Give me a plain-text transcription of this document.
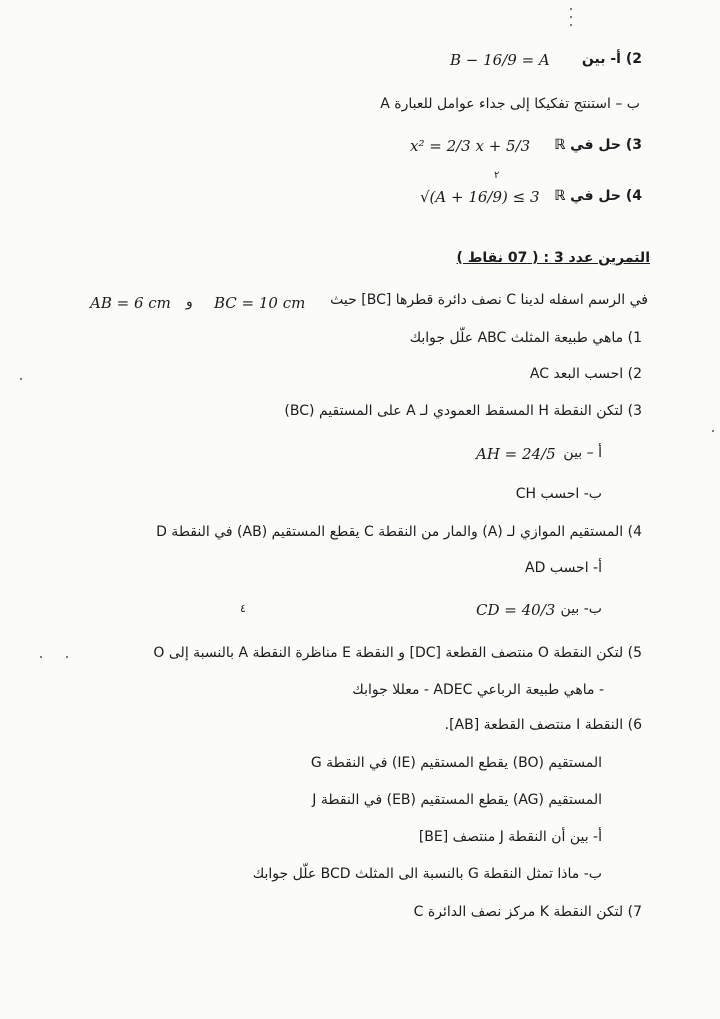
2) أ- بين
B − 16/9 = A
ب – استنتج تفكيكا إلى جداء عوامل للعبارة A
3) حل في ℝ
x² = 2/3 x + 5/3
٢
4) حل في ℝ
√(A + 16/9) ≤ 3
التمرين عدد 3 : ( 07 نقاط )
في الرسم اسفله لدينا C نصف دائرة قطرها [BC] حيث
BC = 10 cm
و
AB = 6 cm
1) ماهي طبيعة المثلث ABC علّل جوابك
2) احسب البعد AC
3) لتكن النقطة H المسقط العمودي لـ A على المستقيم (BC)
أ – بين
AH = 24/5
ب- احسب CH
4) المستقيم الموازي لـ (A) والمار من النقطة C يقطع المستقيم (AB) في النقطة D
أ- احسب AD
٤	ب- بين
CD = 40/3
5) لتكن النقطة O منتصف القطعة [DC] و النقطة E مناظرة النقطة A بالنسبة إلى O
- ماهي طبيعة الرباعي ADEC - معللا جوابك
6) النقطة I منتصف القطعة [AB].
المستقيم (BO) يقطع المستقيم (IE) في النقطة G
المستقيم (AG) يقطع المستقيم (EB) في النقطة J
أ- بين أن النقطة J منتصف [BE]
ب- ماذا تمثل النقطة G بالنسبة الى المثلث BCD علّل جوابك
7) لتكن النقطة K مركز نصف الدائرة C
